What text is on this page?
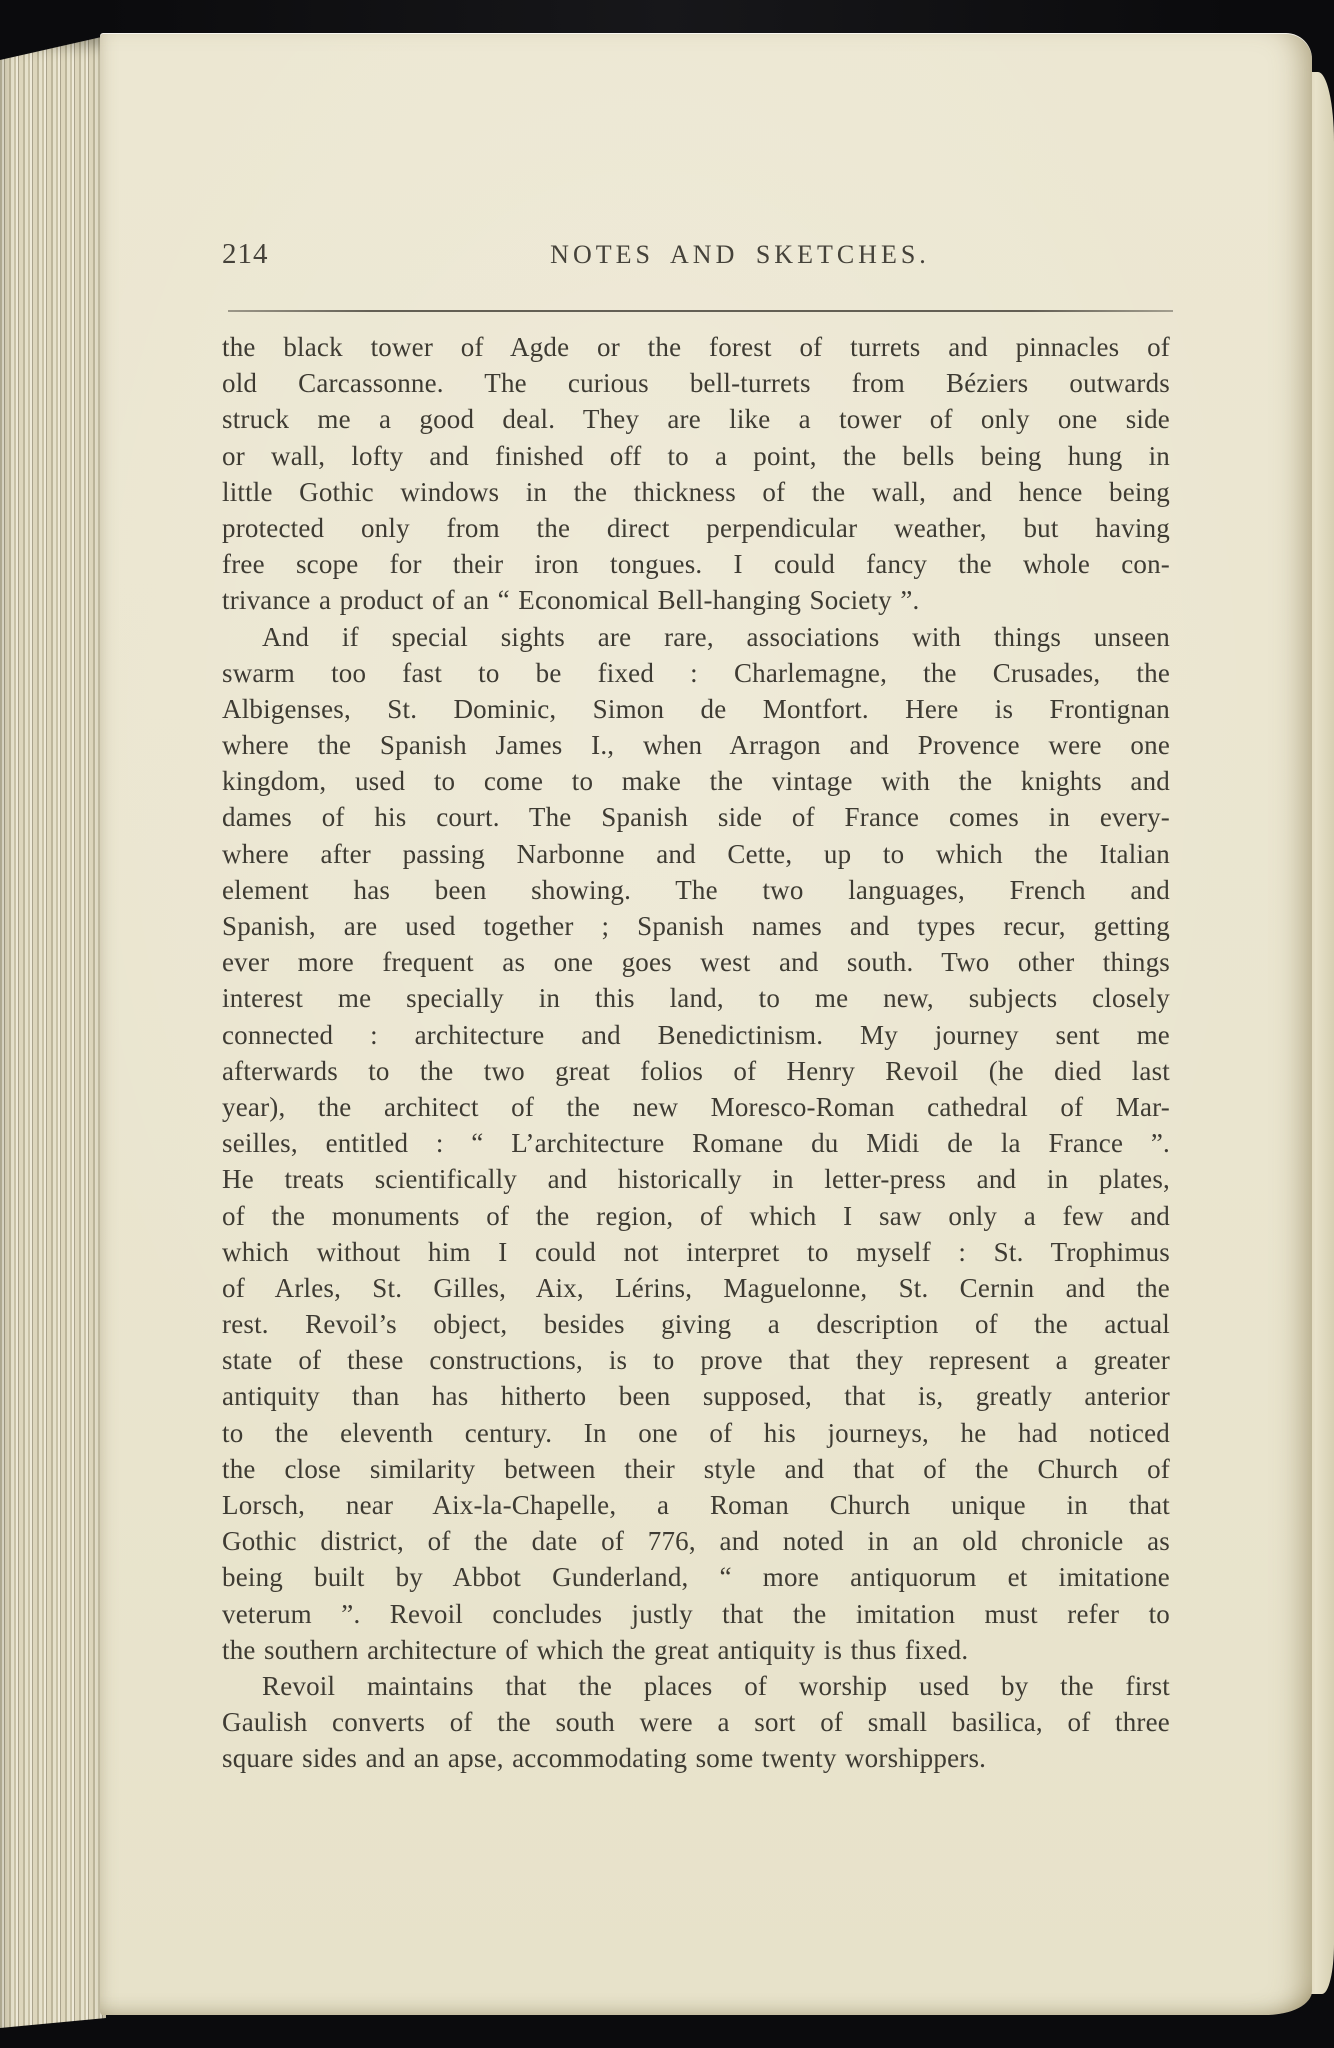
214	NOTES AND SKETCHES.
the black tower of Agde or the forest of turrets and pinnacles of
old Carcassonne. The curious bell-turrets from Béziers outwards
struck me a good deal. They are like a tower of only one side
or wall, lofty and finished off to a point, the bells being hung in
little Gothic windows in the thickness of the wall, and hence being
protected only from the direct perpendicular weather, but having
free scope for their iron tongues. I could fancy the whole con-
trivance a product of an “ Economical Bell-hanging Society ”.
And if special sights are rare, associations with things unseen
swarm too fast to be fixed : Charlemagne, the Crusades, the
Albigenses, St. Dominic, Simon de Montfort. Here is Frontignan
where the Spanish James I., when Arragon and Provence were one
kingdom, used to come to make the vintage with the knights and
dames of his court. The Spanish side of France comes in every-
where after passing Narbonne and Cette, up to which the Italian
element has been showing. The two languages, French and
Spanish, are used together ; Spanish names and types recur, getting
ever more frequent as one goes west and south. Two other things
interest me specially in this land, to me new, subjects closely
connected : architecture and Benedictinism. My journey sent me
afterwards to the two great folios of Henry Revoil (he died last
year), the architect of the new Moresco-Roman cathedral of Mar-
seilles, entitled : “ L’architecture Romane du Midi de la France ”.
He treats scientifically and historically in letter-press and in plates,
of the monuments of the region, of which I saw only a few and
which without him I could not interpret to myself : St. Trophimus
of Arles, St. Gilles, Aix, Lérins, Maguelonne, St. Cernin and the
rest. Revoil’s object, besides giving a description of the actual
state of these constructions, is to prove that they represent a greater
antiquity than has hitherto been supposed, that is, greatly anterior
to the eleventh century. In one of his journeys, he had noticed
the close similarity between their style and that of the Church of
Lorsch, near Aix-la-Chapelle, a Roman Church unique in that
Gothic district, of the date of 776, and noted in an old chronicle as
being built by Abbot Gunderland, “ more antiquorum et imitatione
veterum ”. Revoil concludes justly that the imitation must refer to
the southern architecture of which the great antiquity is thus fixed.
Revoil maintains that the places of worship used by the first
Gaulish converts of the south were a sort of small basilica, of three
square sides and an apse, accommodating some twenty worshippers.
